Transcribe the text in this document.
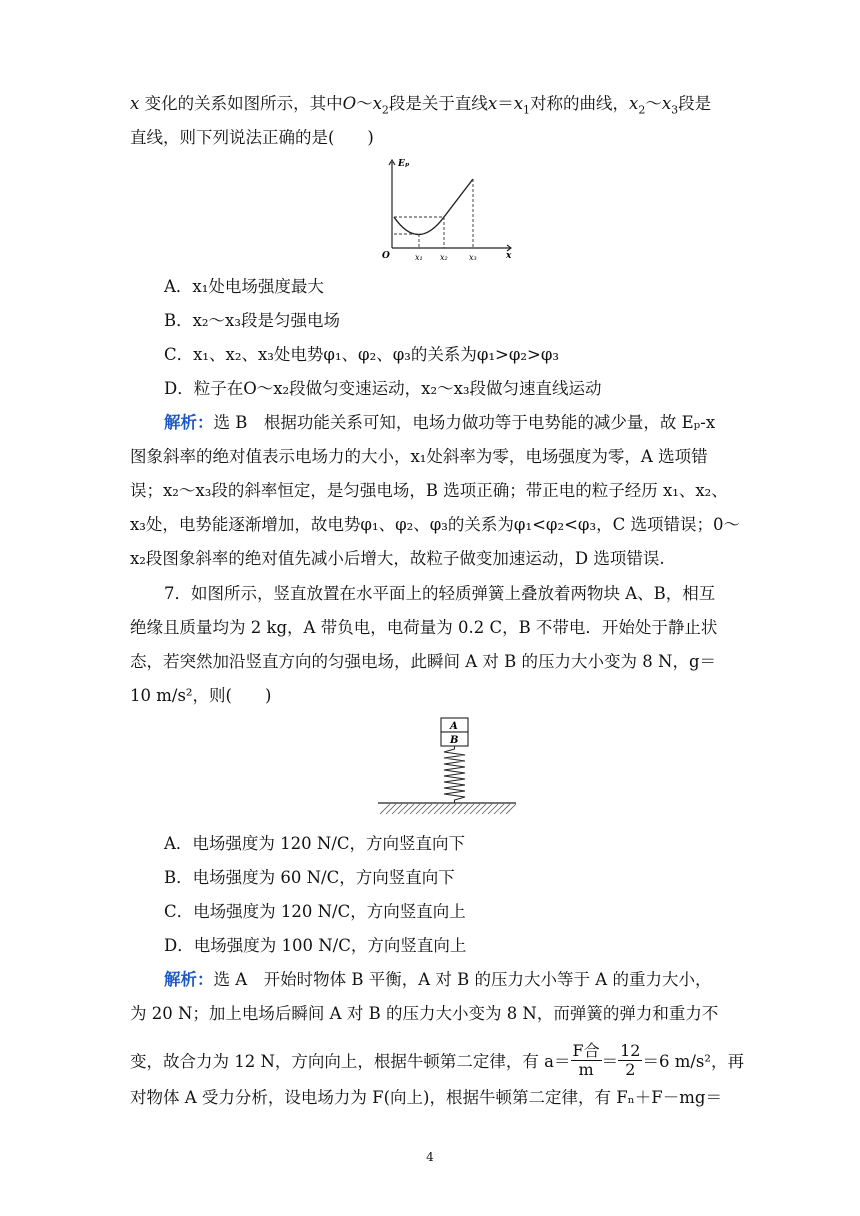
x 变化的关系如图所示，其中$O\sim x_2$段是关于直线$x=x_1$对称的曲线，$x_2\sim x_3$段是
直线，则下列说法正确的是(　　)
Eₚ
O	x₁ x₂	x₃	x
A．x₁处电场强度最大
B．x₂～x₃段是匀强电场
C．x₁、x₂、x₃处电势φ₁、φ₂、φ₃的关系为φ₁>φ₂>φ₃
D．粒子在O～x₂段做匀变速运动，x₂～x₃段做匀速直线运动
解析：选 B　根据功能关系可知，电场力做功等于电势能的减少量，故 Eₚ-x
图象斜率的绝对值表示电场力的大小，x₁处斜率为零，电场强度为零，A 选项错
误；x₂～x₃段的斜率恒定，是匀强电场，B 选项正确；带正电的粒子经历 x₁、x₂、
x₃处，电势能逐渐增加，故电势φ₁、φ₂、φ₃的关系为φ₁<φ₂<φ₃，C 选项错误；0～
x₂段图象斜率的绝对值先减小后增大，故粒子做变加速运动，D 选项错误.
7．如图所示，竖直放置在水平面上的轻质弹簧上叠放着两物块 A、B，相互
绝缘且质量均为 2 kg，A 带负电，电荷量为 0.2 C，B 不带电．开始处于静止状
态，若突然加沿竖直方向的匀强电场，此瞬间 A 对 B 的压力大小变为 8 N，g＝
10 m/s²，则(　　)
A
B
A．电场强度为 120 N/C，方向竖直向下
B．电场强度为 60 N/C，方向竖直向下
C．电场强度为 120 N/C，方向竖直向上
D．电场强度为 100 N/C，方向竖直向上
解析：选 A　开始时物体 B 平衡，A 对 B 的压力大小等于 A 的重力大小，
为 20 N；加上电场后瞬间 A 对 B 的压力大小变为 8 N，而弹簧的弹力和重力不
变，故合力为 12 N，方向向上，根据牛顿第二定律，有 $a= \frac{\text{F合}}{m} = \frac{12}{2} =6$ m/s²，再
对物体 A 受力分析，设电场力为 F(向上)，根据牛顿第二定律，有 Fₙ＋F－mg＝
4
